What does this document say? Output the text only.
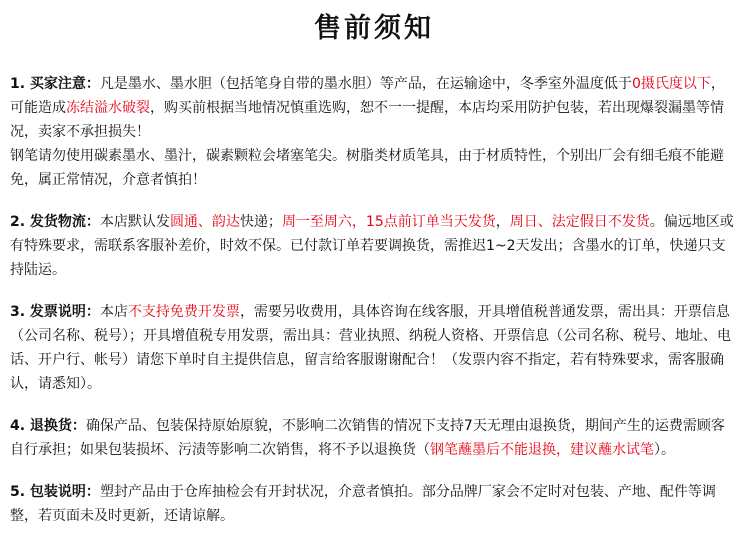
售前须知

1. 买家注意：凡是墨水、墨水胆（包括笔身自带的墨水胆）等产品，在运输途中，冬季室外温度低于0摄氏度以下，可能造成冻结溢水破裂，购买前根据当地情况慎重选购，恕不一一提醒，本店均采用防护包装，若出现爆裂漏墨等情况，卖家不承担损失！

钢笔请勿使用碳素墨水、墨汁，碳素颗粒会堵塞笔尖。树脂类材质笔具，由于材质特性，个别出厂会有细毛痕不能避免，属正常情况，介意者慎拍！

2. 发货物流：本店默认发圆通、韵达快递；周一至周六，15点前订单当天发货，周日、法定假日不发货。偏远地区或有特殊要求，需联系客服补差价，时效不保。已付款订单若要调换货，需推迟1~2天发出；含墨水的订单，快递只支持陆运。

3. 发票说明：本店不支持免费开发票，需要另收费用，具体咨询在线客服，开具增值税普通发票，需出具：开票信息（公司名称、税号）；开具增值税专用发票，需出具：营业执照、纳税人资格、开票信息（公司名称、税号、地址、电话、开户行、帐号）请您下单时自主提供信息，留言给客服谢谢配合！（发票内容不指定，若有特殊要求，需客服确认，请悉知）。

4. 退换货：确保产品、包装保持原始原貌，不影响二次销售的情况下支持7天无理由退换货，期间产生的运费需顾客自行承担；如果包装损坏、污渍等影响二次销售，将不予以退换货（钢笔蘸墨后不能退换，建议蘸水试笔）。

5. 包装说明：塑封产品由于仓库抽检会有开封状况，介意者慎拍。部分品牌厂家会不定时对包装、产地、配件等调整，若页面未及时更新，还请谅解。
